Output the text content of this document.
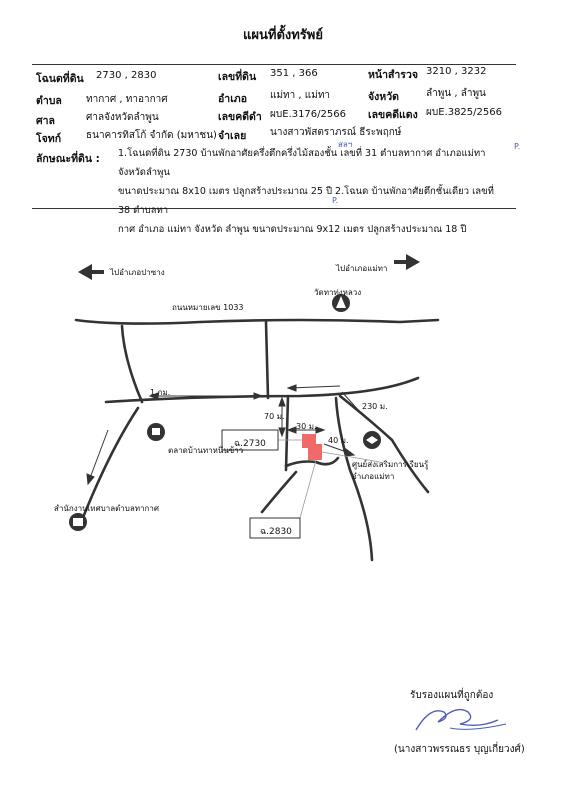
แผนที่ตั้งทรัพย์
โฉนดที่ดิน 2730 , 2830	เลขที่ดิน 351 , 366	หน้าสำรวจ 3210 , 3232
ตำบล ทากาศ , ทาอากาศ	อำเภอ แม่ทา , แม่ทา	จังหวัด	ลำพูน , ลำพูน
ศาล	ศาลจังหวัดลำพูน	เลขคดีดำ ผบE.3176/2566 เลขคดีแดง ผบE.3825/2566
โจทก์ ธนาคารทิสโก้ จำกัด (มหาชน) จำเลย นางสาวพัสตราภรณ์ ธีระพฤกษ์
ลักษณะที่ดิน : 1.โฉนดที่ดิน 2730 บ้านพักอาศัยครึ่งตึกครึ่งไม้สองชั้น เลขที่ 31 ตำบลทากาศ อำเภอแม่ทา จังหวัดลำพูน
ขนาดประมาณ 8x10 เมตร ปลูกสร้างประมาณ 25 ปี 2.โฉนด บ้านพักอาศัยตึกชั้นเดียว เลขที่ 38 ตำบลทา
กาศ อำเภอ แม่ทา จังหวัด ลำพูน ขนาดประมาณ 9x12 เมตร ปลูกสร้างประมาณ 18 ปี
สลฯ	P.
P.
ไปอำเภอปาซาง	ไปอำเภอแม่ทา
วัดทาทุ่งหลวง
ถนนหมายเลข 1033
1 กม.
230 ม.
70 ม.
30 ม.
40 ม.
ตลาดบ้านทาหนึ่นข้าว
ฉ.2730
ฉ.2830
ศูนย์ส่งเสริมการเรียนรู้
อำเภอแม่ทา
สำนักงานเทศบาลตำบลทากาศ
รับรองแผนที่ถูกต้อง
(นางสาวพรรณธร บุญเกี่ยวงศ์)
